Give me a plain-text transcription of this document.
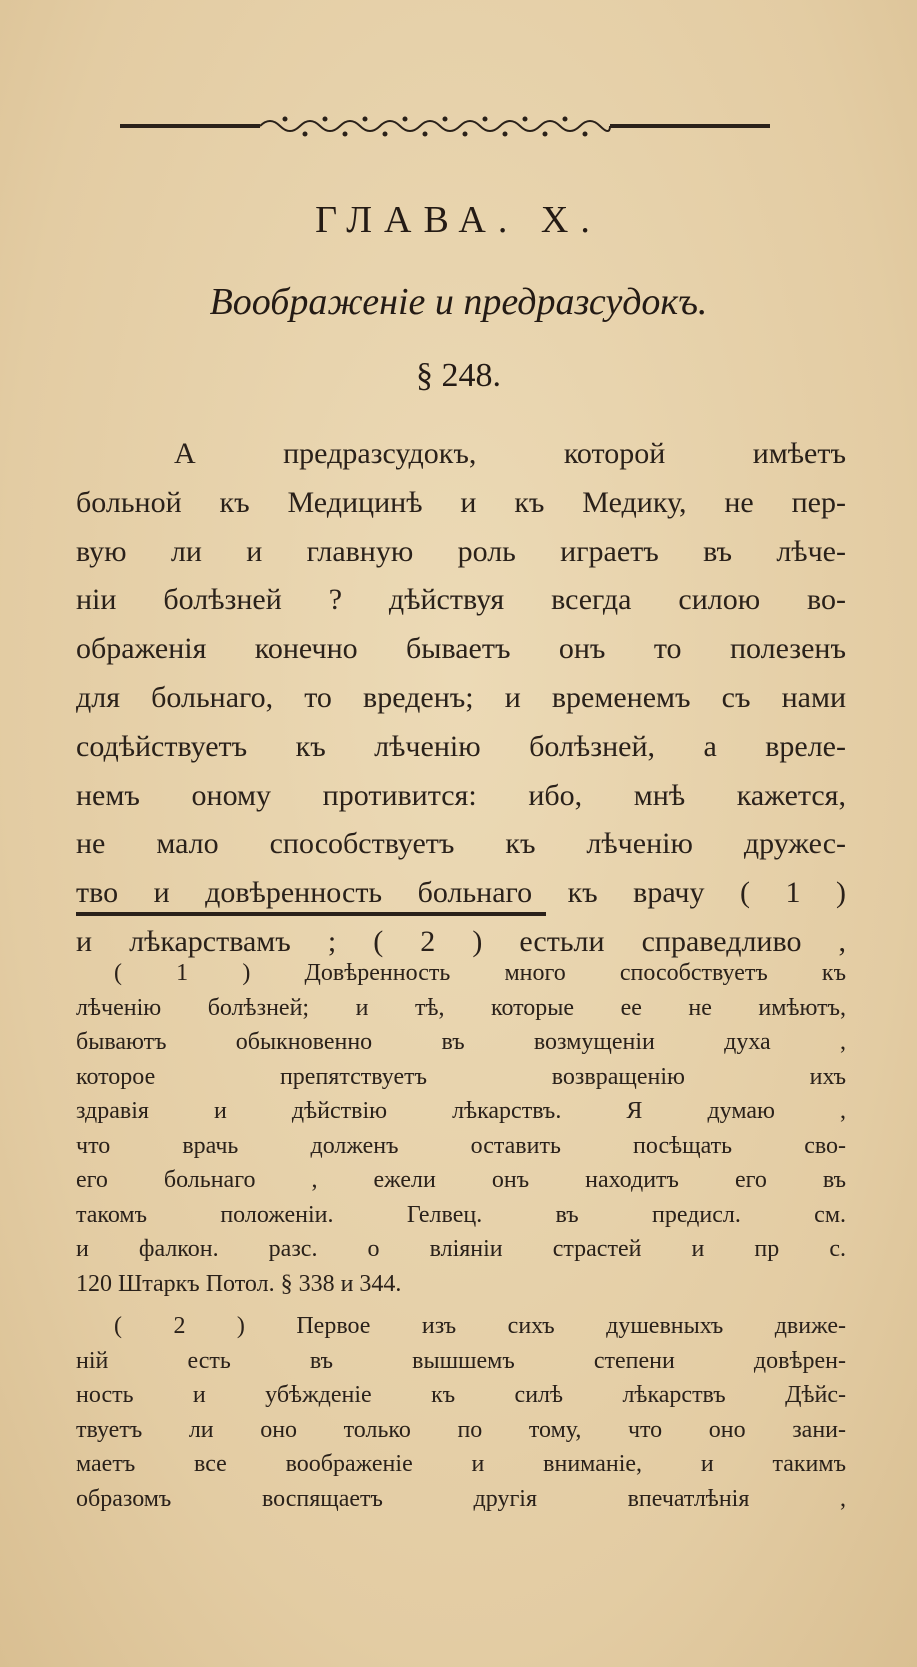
ГЛАВА. Х.
Воображенiе и предразсудокъ.
§ 248.
А предразсудокъ, которой имѣетъ
больной къ Медицинѣ и къ Медику, не пер-
вую ли и главную роль играетъ въ лѣче-
нiи болѣзней ? дѣйствуя всегда силою во-
ображенiя конечно бываетъ онъ то полезенъ
для больнаго, то вреденъ; и временемъ съ нами
содѣйствуетъ къ лѣченiю болѣзней, а вреле-
немъ оному противится: ибо, мнѣ кажется,
не мало способствуетъ къ лѣченiю дружес-
тво и довѣренность больнаго къ врачу ( 1 )
и лѣкарствамъ ; ( 2 ) естьли справедливо ,
( 1 ) Довѣренность много способствуетъ къ
лѣченiю болѣзней; и тѣ, которые ее не имѣютъ,
бываютъ обыкновенно въ возмущенiи духа ,
которое препятствуетъ возвращенiю ихъ
здравiя и дѣйствiю лѣкарствъ. Я думаю ,
что врачь долженъ оставить посѣщать сво-
его больнаго , ежели онъ находитъ его въ
такомъ положенiи. Гелвец. въ предисл. см.
и фалкон. разс. о влiянiи страстей и пр с.
120 Штаркъ Потол. § 338 и 344.
( 2 ) Первое изъ сихъ душевныхъ движе-
нiй есть въ вышшемъ степени довѣрен-
ность и убѣжденiе къ силѣ лѣкарствъ Дѣйс-
твуетъ ли оно только по тому, что оно зани-
маетъ все воображенiе и вниманiе, и такимъ
образомъ воспящаетъ другiя впечатлѣнiя ,
